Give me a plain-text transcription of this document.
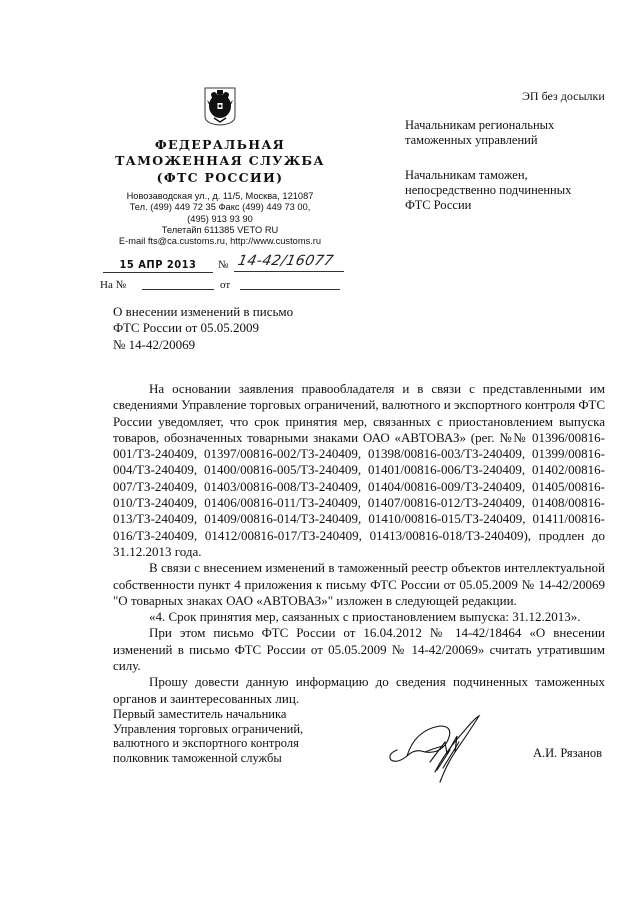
ФЕДЕРАЛЬНАЯ
ТАМОЖЕННАЯ СЛУЖБА
(ФТС РОССИИ)
Новозаводская ул., д. 11/5, Москва, 121087
Тел. (499) 449 72 35 Факс (499) 449 73 00,
(495) 913 93 90
Телетайп 611385 VETO RU
E-mail fts@ca.customs.ru, http://www.customs.ru
15 АПР 2013	№ 14-42/16077
На №	от
ЭП без досылки
Начальникам региональных
таможенных управлений
Начальникам таможен,
непосредственно подчиненных
ФТС России
О внесении изменений в письмо
ФТС России от 05.05.2009
№ 14-42/20069

На основании заявления правообладателя и в связи с представленными им сведениями Управление торговых ограничений, валютного и экспортного контроля ФТС России уведомляет, что срок принятия мер, связанных с приостановлением выпуска товаров, обозначенных товарными знаками ОАО «АВТОВАЗ» (рег. №№ 01396/00816-001/ТЗ-240409, 01397/00816-002/ТЗ-240409, 01398/00816-003/ТЗ-240409, 01399/00816-004/ТЗ-240409, 01400/00816-005/ТЗ-240409, 01401/00816-006/ТЗ-240409, 01402/00816-007/ТЗ-240409, 01403/00816-008/ТЗ-240409, 01404/00816-009/ТЗ-240409, 01405/00816-010/ТЗ-240409, 01406/00816-011/ТЗ-240409, 01407/00816-012/ТЗ-240409, 01408/00816-013/ТЗ-240409, 01409/00816-014/ТЗ-240409, 01410/00816-015/ТЗ-240409, 01411/00816-016/ТЗ-240409, 01412/00816-017/ТЗ-240409, 01413/00816-018/ТЗ-240409), продлен до 31.12.2013 года.

В связи с внесением изменений в таможенный реестр объектов интеллектуальной собственности пункт 4 приложения к письму ФТС России от 05.05.2009 № 14-42/20069 "О товарных знаках ОАО «АВТОВАЗ»" изложен в следующей редакции.

«4. Срок принятия мер, саязанных с приостановлением выпуска: 31.12.2013».

При этом письмо ФТС России от 16.04.2012 № 14-42/18464 «О внесении изменений в письмо ФТС России от 05.05.2009 № 14-42/20069» считать утратившим силу.

Прошу довести данную информацию до сведения подчиненных таможенных органов и заинтересованных лиц.

Первый заместитель начальника
Управления торговых ограничений,
валютного и экспортного контроля
полковник таможенной службы	А.И. Рязанов
